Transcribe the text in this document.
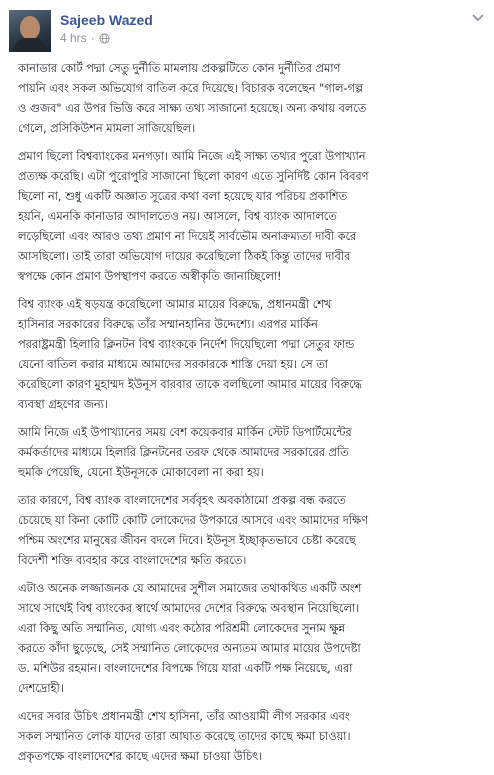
Sajeeb Wazed
4 hrs ·

কানাডার কোর্ট পদ্মা সেতু দুর্নীতি মামলায় প্রকল্পটিতে কোন দুর্নীতির প্রমাণ
পায়নি এবং সকল অভিযোগ বাতিল করে দিয়েছে। বিচারক বলেছেন "গাল-গল্প
ও গুজব" এর উপর ভিত্তি করে সাক্ষ্য তথ্য সাজানো হয়েছে। অন্য কথায় বলতে
গেলে, প্রসিকিউশন মামলা সাজিয়েছিল।

প্রমাণ ছিলো বিশ্বব্যাংকের মনগড়া। আমি নিজে এই সাক্ষ্য তথ্যর পুরো উপাখ্যান
প্রত্যক্ষ করেছি। এটা পুরোপুরি সাজানো ছিলো কারণ এতে সুনির্দিষ্ট কোন বিবরণ
ছিলো না, শুধু একটি অজ্ঞাত সূত্রের কথা বলা হয়েছে যার পরিচয় প্রকাশিত
হয়নি, এমনকি কানাডার আদালতেও নয়। আসলে, বিশ্ব ব্যাংক আদালতে
লড়েছিলো এবং আরও তথ্য প্রমাণ না দিয়েই সার্বভৌম অনাক্রম্যতা দাবী করে
আসছিলো। তাই তারা অভিযোগ দায়ের করেছিলো ঠিকই কিন্তু তাদের দাবীর
স্বপক্ষে কোন প্রমাণ উপস্থাপণ করতে অস্বীকৃতি জানাচ্ছিলো!

বিশ্ব ব্যাংক এই ষড়যন্ত্র করেছিলো আমার মায়ের বিরুদ্ধে, প্রধানমন্ত্রী শেখ
হাসিনার সরকারের বিরুদ্ধে তাঁর সম্মানহানির উদ্দেশ্যে। এরপর মার্কিন
পররাষ্ট্রমন্ত্রী হিলারি ক্লিনটন বিশ্ব ব্যাংককে নির্দেশ দিয়েছিলো পদ্মা সেতুর ফান্ড
যেনো বাতিল করার মাধ্যমে আমাদের সরকারকে শাস্তি দেয়া হয়। সে তা
করেছিলো কারণ মুহাম্মদ ইউনূস বারবার তাকে বলছিলো আমার মায়ের বিরুদ্ধে
ব্যবস্থা গ্রহণের জন্য।

আমি নিজে এই উপাখ্যানের সময় বেশ কয়েকবার মার্কিন স্টেট ডিপার্টমেন্টের
কর্মকর্তাদের মাধ্যমে হিলারি ক্লিনটনের তরফ থেকে আমাদের সরকারের প্রতি
হুমকি পেয়েছি, যেনো ইউনূসকে মোকাবেলা না করা হয়।

তার কারণে, বিশ্ব ব্যাংক বাংলাদেশের সর্ববৃহৎ অবকাঠামো প্রকল্প বন্ধ করতে
চেয়েছে যা কিনা কোটি কোটি লোকেদের উপকারে আসবে এবং আমাদের দক্ষিণ
পশ্চিম অংশের মানুষের জীবন বদলে দিবে। ইউনূস ইচ্ছাকৃতভাবে চেষ্টা করেছে
বিদেশী শক্তি ব্যবহার করে বাংলাদেশের ক্ষতি করতে।

এটাও অনেক লজ্জাজনক যে আমাদের সুশীল সমাজের তথাকথিত একটি অংশ
সাথে সাথেই বিশ্ব ব্যাংকের স্বার্থে আমাদের দেশের বিরুদ্ধে অবস্থান নিয়েছিলো।
এরা কিছু অতি সম্মানিত, যোগ্য এবং কঠোর পরিশ্রমী লোকেদের সুনাম ক্ষুন্ন
করতে কাঁদা ছুড়েছে, সেই সম্মানিত লোকেদের অন্যতম আমার মায়ের উপদেষ্টা
ড. মশিউর রহমান। বাংলাদেশের বিপক্ষে গিয়ে যারা একটি পক্ষ নিয়েছে, এরা
দেশদ্রোহী।

এদের সবার উচিৎ প্রধানমন্ত্রী শেখ হাসিনা, তাঁর আওয়ামী লীগ সরকার এবং
সকল সম্মানিত লোক যাদের তারা আঘাত করেছে তাদের কাছে ক্ষমা চাওয়া।
প্রকৃতপক্ষে বাংলাদেশের কাছে এদের ক্ষমা চাওয়া উচিৎ।
